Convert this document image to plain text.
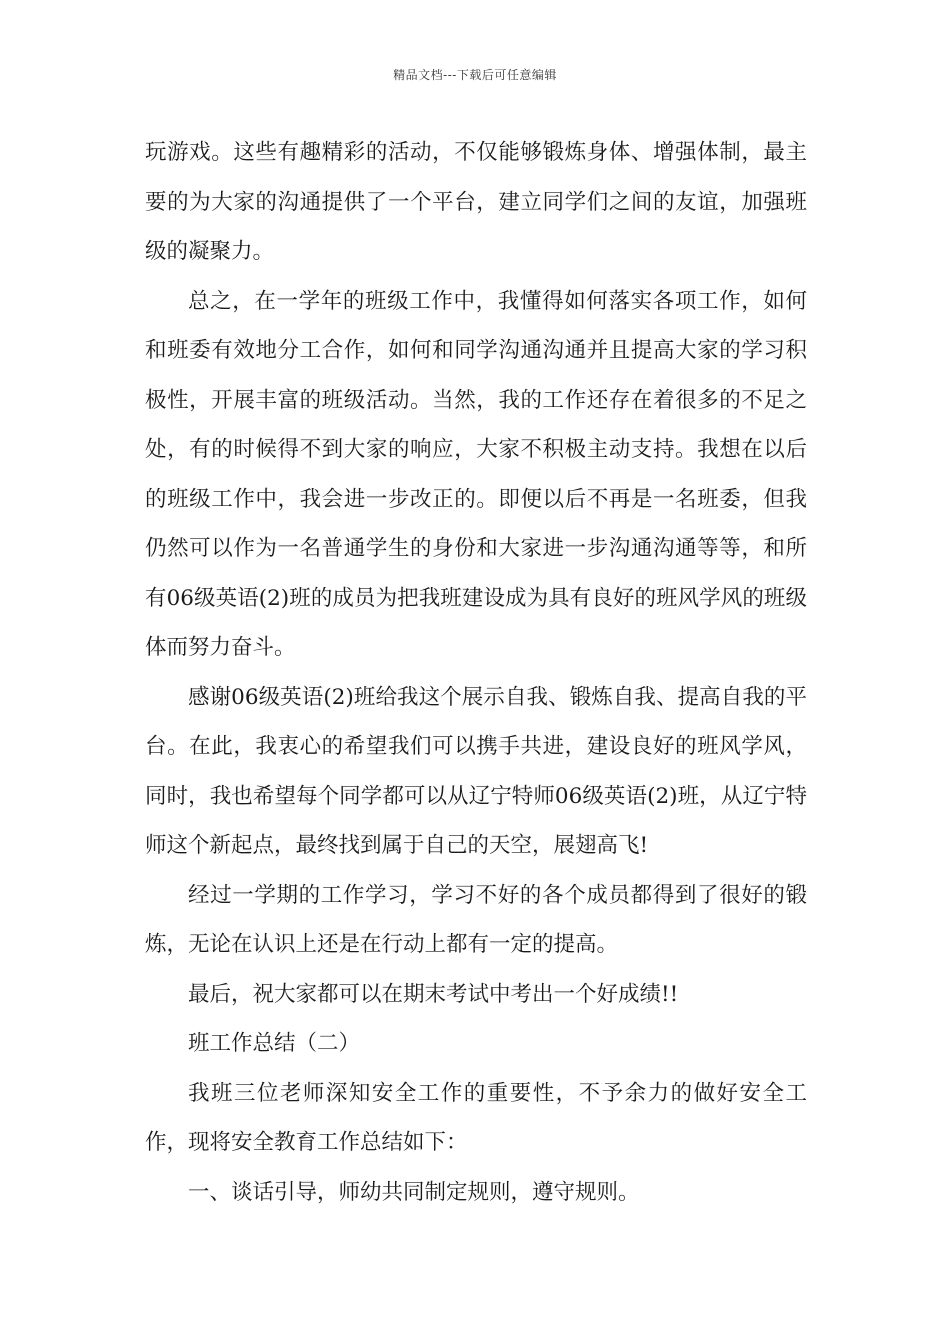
精品文档---下载后可任意编辑

玩游戏。这些有趣精彩的活动，不仅能够锻炼身体、增强体制，最主要的为大家的沟通提供了一个平台，建立同学们之间的友谊，加强班级的凝聚力。

总之，在一学年的班级工作中，我懂得如何落实各项工作，如何和班委有效地分工合作，如何和同学沟通沟通并且提高大家的学习积极性，开展丰富的班级活动。当然，我的工作还存在着很多的不足之处，有的时候得不到大家的响应，大家不积极主动支持。我想在以后的班级工作中，我会进一步改正的。即便以后不再是一名班委，但我仍然可以作为一名普通学生的身份和大家进一步沟通沟通等等，和所有06级英语(2)班的成员为把我班建设成为具有良好的班风学风的班级体而努力奋斗。

感谢06级英语(2)班给我这个展示自我、锻炼自我、提高自我的平台。在此，我衷心的希望我们可以携手共进，建设良好的班风学风，同时，我也希望每个同学都可以从辽宁特师06级英语(2)班，从辽宁特师这个新起点，最终找到属于自己的天空，展翅高飞!

经过一学期的工作学习，学习不好的各个成员都得到了很好的锻炼，无论在认识上还是在行动上都有一定的提高。

最后，祝大家都可以在期末考试中考出一个好成绩!!

班工作总结（二）

我班三位老师深知安全工作的重要性，不予余力的做好安全工作，现将安全教育工作总结如下：

一、谈话引导，师幼共同制定规则，遵守规则。
